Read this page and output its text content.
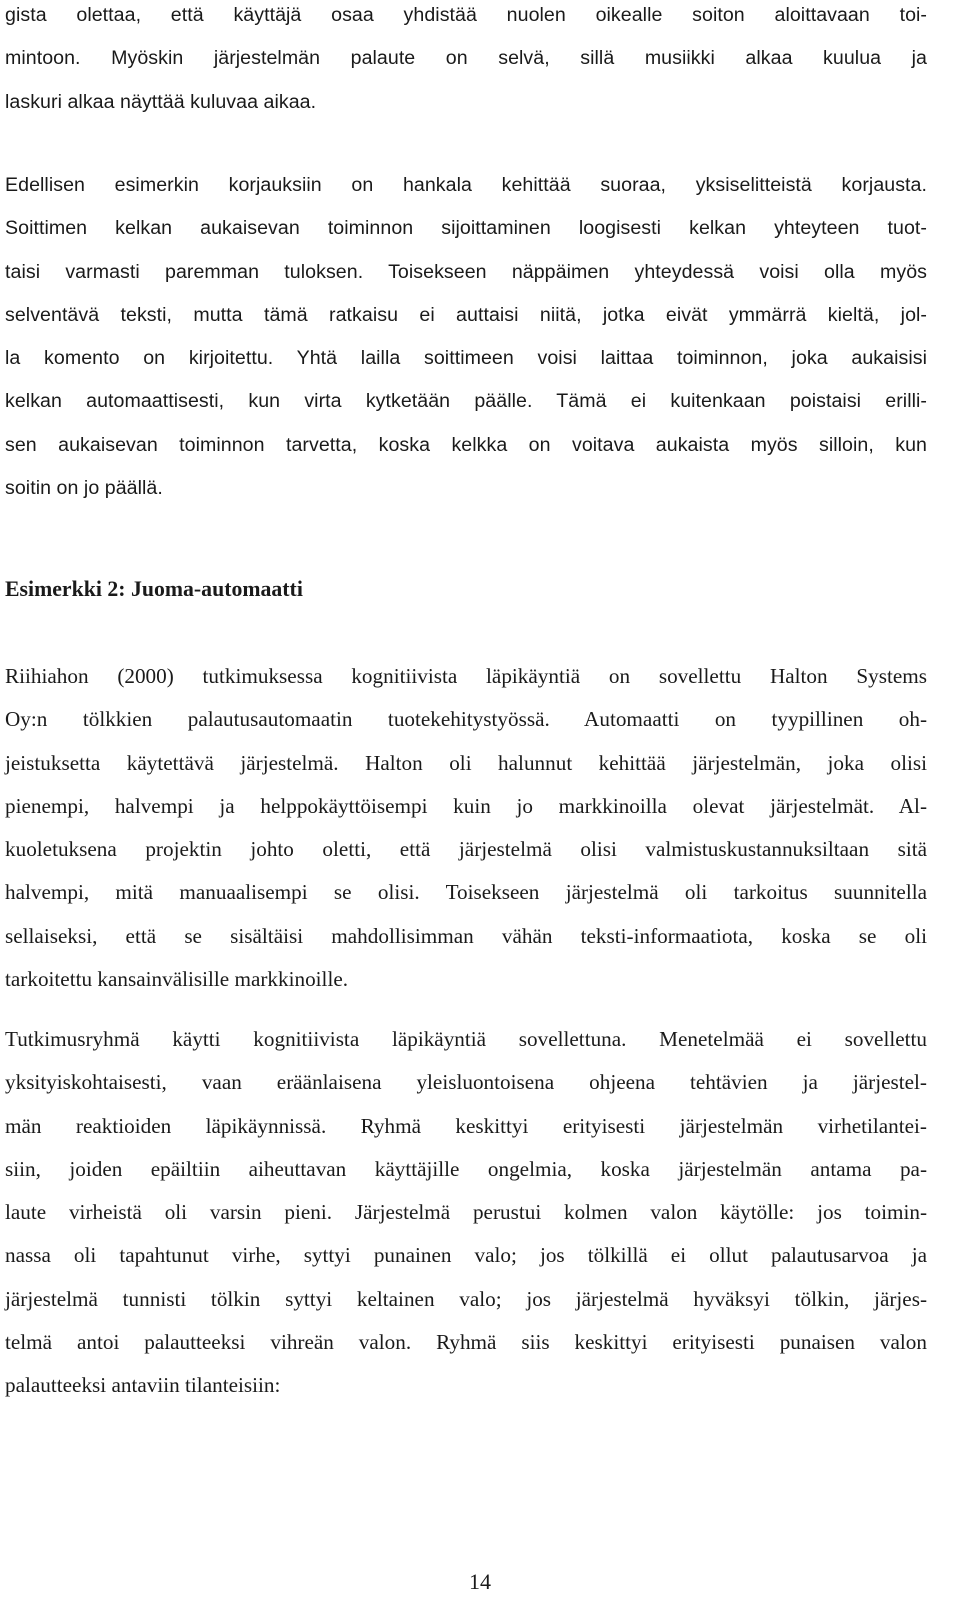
gista olettaa, että käyttäjä osaa yhdistää nuolen oikealle soiton aloittavaan toi-
mintoon. Myöskin järjestelmän palaute on selvä, sillä musiikki alkaa kuulua ja
laskuri alkaa näyttää kuluvaa aikaa.
Edellisen esimerkin korjauksiin on hankala kehittää suoraa, yksiselitteistä korjausta.
Soittimen kelkan aukaisevan toiminnon sijoittaminen loogisesti kelkan yhteyteen tuot-
taisi varmasti paremman tuloksen. Toisekseen näppäimen yhteydessä voisi olla myös
selventävä teksti, mutta tämä ratkaisu ei auttaisi niitä, jotka eivät ymmärrä kieltä, jol-
la komento on kirjoitettu. Yhtä lailla soittimeen voisi laittaa toiminnon, joka aukaisisi
kelkan automaattisesti, kun virta kytketään päälle. Tämä ei kuitenkaan poistaisi erilli-
sen aukaisevan toiminnon tarvetta, koska kelkka on voitava aukaista myös silloin, kun
soitin on jo päällä.
Esimerkki 2: Juoma-automaatti
Riihiahon (2000) tutkimuksessa kognitiivista läpikäyntiä on sovellettu Halton Systems
Oy:n tölkkien palautusautomaatin tuotekehitystyössä. Automaatti on tyypillinen oh-
jeistuksetta käytettävä järjestelmä. Halton oli halunnut kehittää järjestelmän, joka olisi
pienempi, halvempi ja helppokäyttöisempi kuin jo markkinoilla olevat järjestelmät. Al-
kuoletuksena projektin johto oletti, että järjestelmä olisi valmistuskustannuksiltaan sitä
halvempi, mitä manuaalisempi se olisi. Toisekseen järjestelmä oli tarkoitus suunnitella
sellaiseksi, että se sisältäisi mahdollisimman vähän teksti-informaatiota, koska se oli
tarkoitettu kansainvälisille markkinoille.
Tutkimusryhmä käytti kognitiivista läpikäyntiä sovellettuna. Menetelmää ei sovellettu
yksityiskohtaisesti, vaan eräänlaisena yleisluontoisena ohjeena tehtävien ja järjestel-
män reaktioiden läpikäynnissä. Ryhmä keskittyi erityisesti järjestelmän virhetilantei-
siin, joiden epäiltiin aiheuttavan käyttäjille ongelmia, koska järjestelmän antama pa-
laute virheistä oli varsin pieni. Järjestelmä perustui kolmen valon käytölle: jos toimin-
nassa oli tapahtunut virhe, syttyi punainen valo; jos tölkillä ei ollut palautusarvoa ja
järjestelmä tunnisti tölkin syttyi keltainen valo; jos järjestelmä hyväksyi tölkin, järjes-
telmä antoi palautteeksi vihreän valon. Ryhmä siis keskittyi erityisesti punaisen valon
palautteeksi antaviin tilanteisiin:
14
